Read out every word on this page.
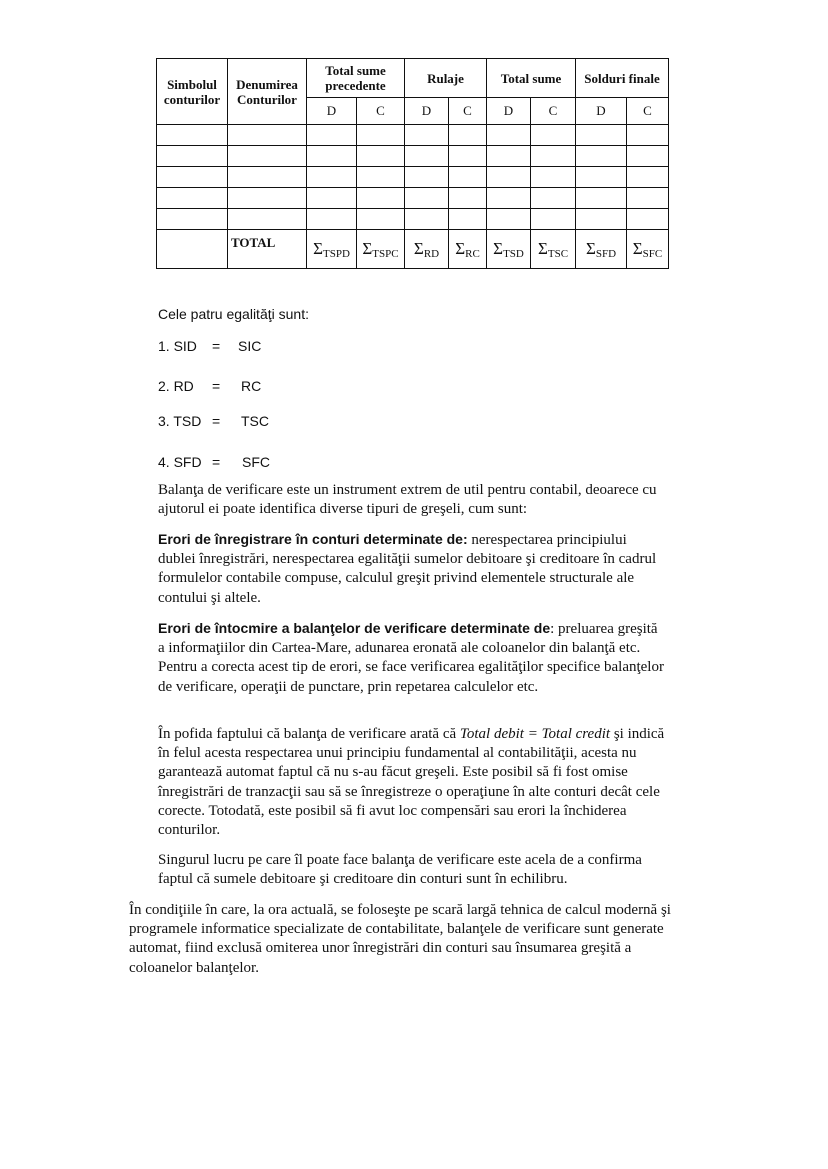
Simbolul conturilor	Denumirea Conturilor	Total sume precedente		Rulaje		Total sume		Solduri finale	
		D	C	D	C	D	C	D	C

	TOTAL	$\Sigma_{TSPD}$	$\Sigma_{TSPC}$	$\Sigma_{RD}$	$\Sigma_{RC}$	$\Sigma_{TSD}$	$\Sigma_{TSC}$	$\Sigma_{SFD}$	$\Sigma_{SFC}$
Cele patru egalităţi sunt:
1. SID = SIC
2. RD = RC
3. TSD = TSC
4. SFD = SFC
Balanţa de verificare este un instrument extrem de util pentru contabil, deoarece cu ajutorul ei poate identifica diverse tipuri de greşeli, cum sunt:
Erori de înregistrare în conturi determinate de: nerespectarea principiului dublei înregistrări, nerespectarea egalităţii sumelor debitoare şi creditoare în cadrul formulelor contabile compuse, calculul greşit privind elementele structurale ale contului şi altele.
Erori de întocmire a balanţelor de verificare determinate de: preluarea greşită a informaţiilor din Cartea-Mare, adunarea eronată ale coloanelor din balanţă etc. Pentru a corecta acest tip de erori, se face verificarea egalităţilor specifice balanţelor de verificare, operaţii de punctare, prin repetarea calculelor etc.
În pofida faptului că balanţa de verificare arată că Total debit = Total credit şi indică în felul acesta respectarea unui principiu fundamental al contabilităţii, acesta nu garantează automat faptul că nu s-au făcut greşeli. Este posibil să fi fost omise înregistrări de tranzacţii sau să se înregistreze o operaţiune în alte conturi decât cele corecte. Totodată, este posibil să fi avut loc compensări sau erori la închiderea conturilor.
Singurul lucru pe care îl poate face balanţa de verificare este acela de a confirma faptul că sumele debitoare şi creditoare din conturi sunt în echilibru.
În condiţiile în care, la ora actuală, se foloseşte pe scară largă tehnica de calcul modernă şi programele informatice specializate de contabilitate, balanţele de verificare sunt generate automat, fiind exclusă omiterea unor înregistrări din conturi sau însumarea greşită a coloanelor balanţelor.
